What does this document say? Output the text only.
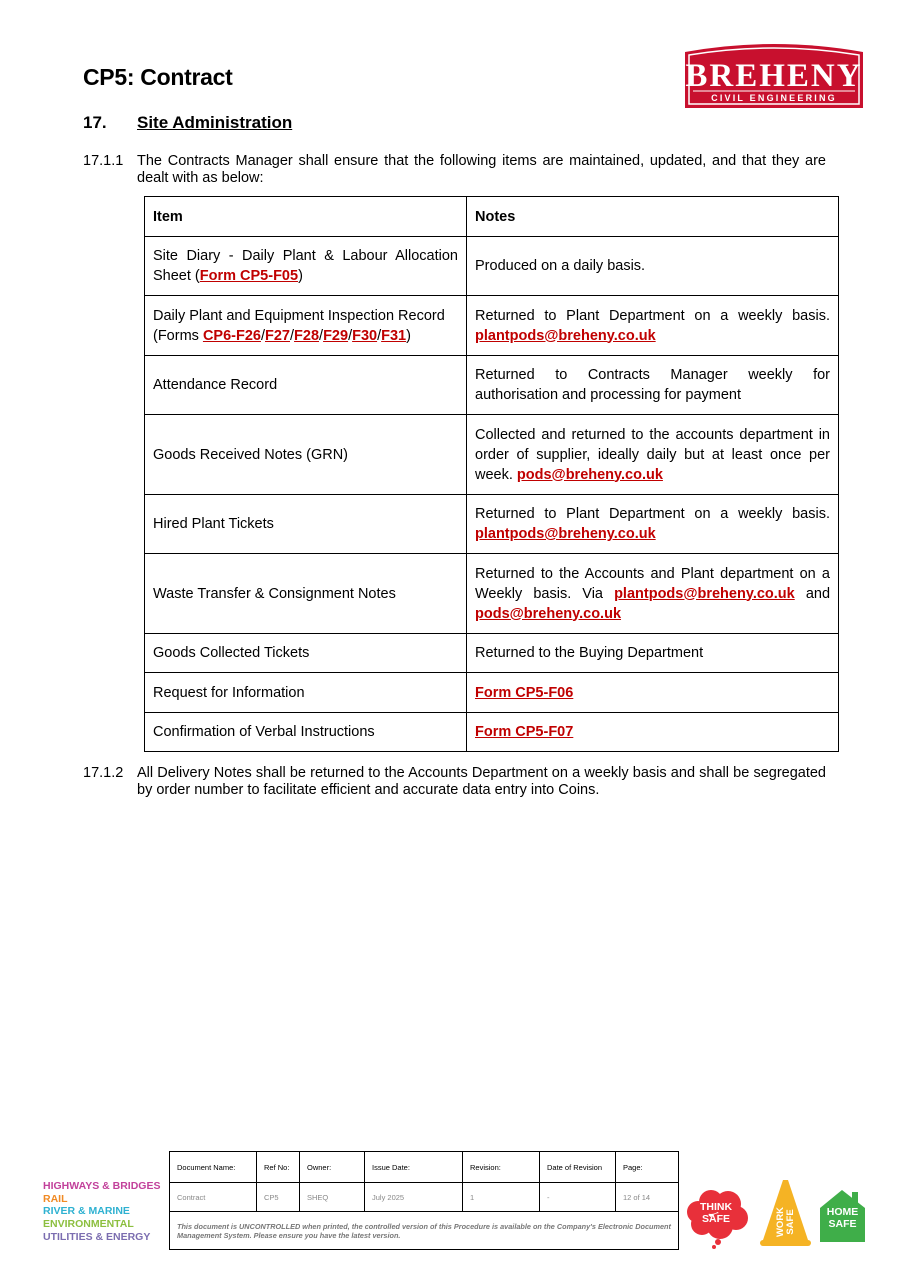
CP5: Contract	BREHENY
CIVIL ENGINEERING
17. Site Administration
17.1.1 The Contracts Manager shall ensure that the following items are maintained, updated, and that they are dealt with as below:
Item	Notes
Site Diary - Daily Plant & Labour Allocation Sheet (Form CP5-F05)	Produced on a daily basis.
Daily Plant and Equipment Inspection Record (Forms CP6-F26/F27/F28/F29/F30/F31)	Returned to Plant Department on a weekly basis. plantpods@breheny.co.uk
Attendance Record	Returned to Contracts Manager weekly for authorisation and processing for payment
Goods Received Notes (GRN)	Collected and returned to the accounts department in order of supplier, ideally daily but at least once per week. pods@breheny.co.uk
Hired Plant Tickets	Returned to Plant Department on a weekly basis. plantpods@breheny.co.uk
Waste Transfer & Consignment Notes	Returned to the Accounts and Plant department on a Weekly basis. Via plantpods@breheny.co.uk and pods@breheny.co.uk
Goods Collected Tickets	Returned to the Buying Department
Request for Information	Form CP5-F06
Confirmation of Verbal Instructions	Form CP5-F07
17.1.2 All Delivery Notes shall be returned to the Accounts Department on a weekly basis and shall be segregated by order number to facilitate efficient and accurate data entry into Coins.
HIGHWAYS & BRIDGES
RAIL
RIVER & MARINE
ENVIRONMENTAL
UTILITIES & ENERGY
Document Name:	Ref No:	Owner:	Issue Date:	Revision:	Date of Revision	Page:
Contract	CP5	SHEQ	July 2025	1	-	12 of 14
This document is UNCONTROLLED when printed, the controlled version of this Procedure is available on the Company's Electronic Document Management System. Please ensure you have the latest version.						
THINK SAFE	WORKSAFE	HOME SAFE
